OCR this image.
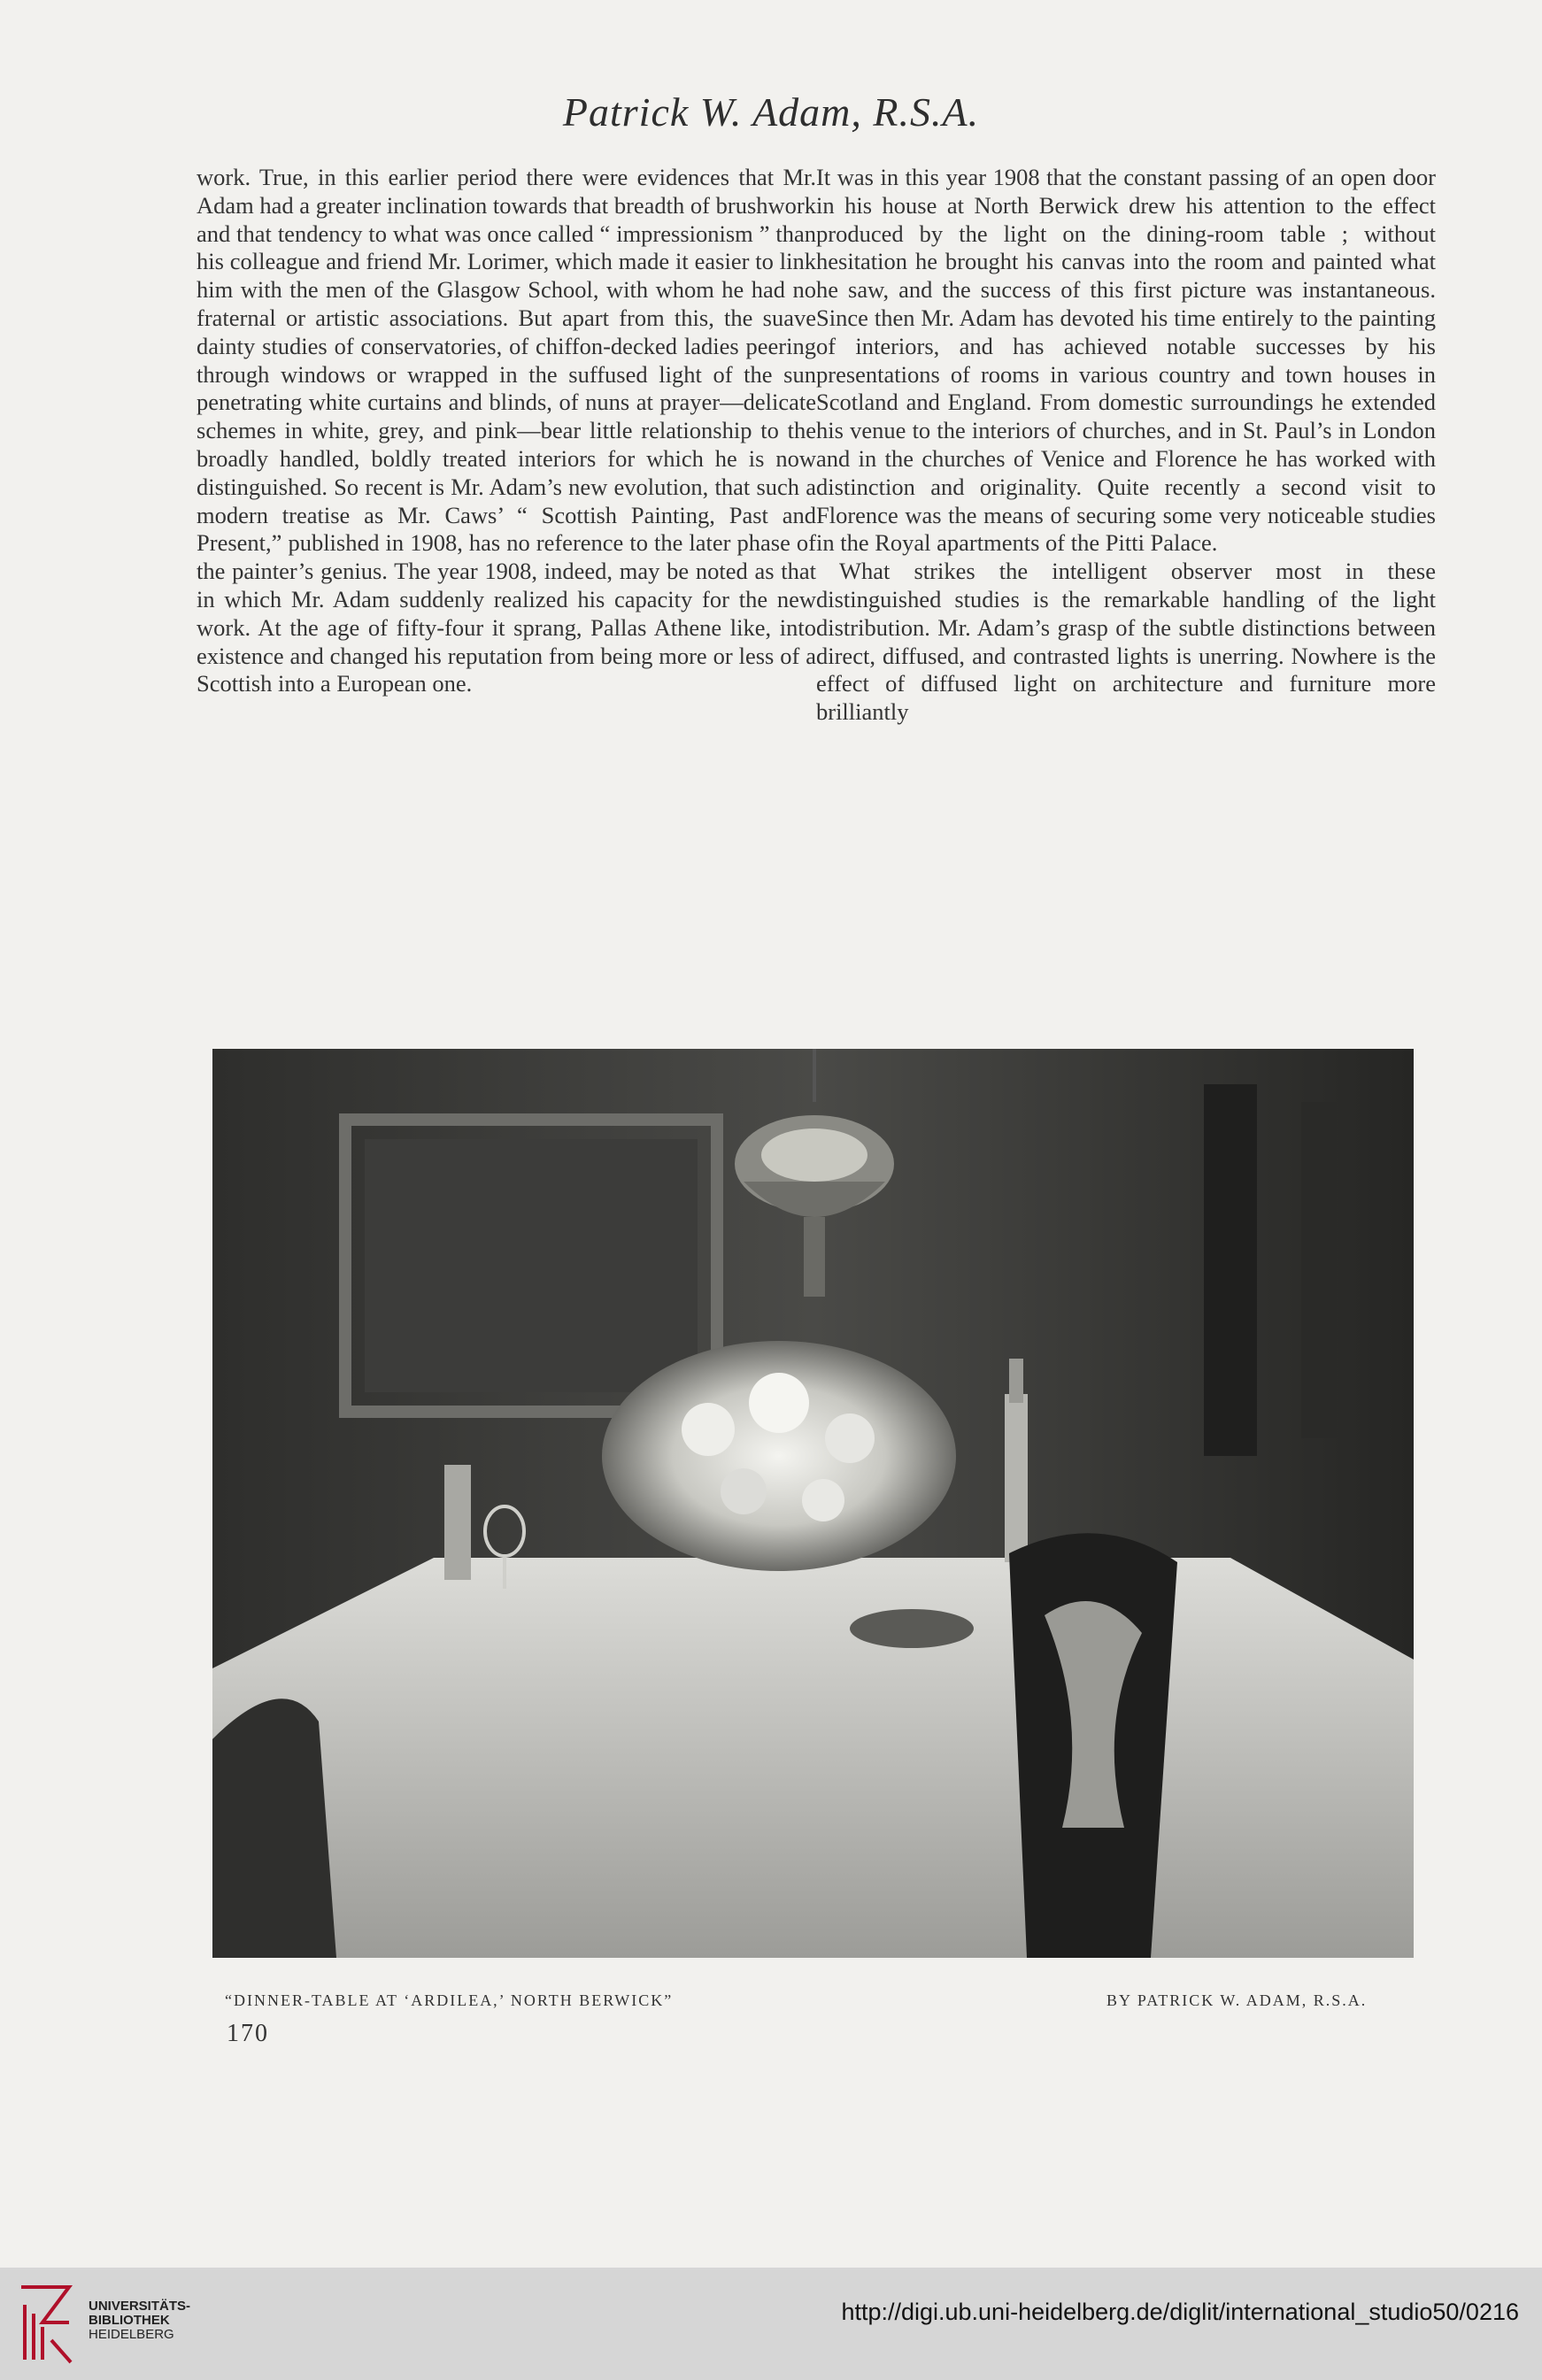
Patrick W. Adam, R.S.A.

work. True, in this earlier period there were evidences that Mr. Adam had a greater inclination towards that breadth of brushwork and that tendency to what was once called “ impressionism ” than his colleague and friend Mr. Lorimer, which made it easier to link him with the men of the Glasgow School, with whom he had no fraternal or artistic associations. But apart from this, the suave dainty studies of conservatories, of chiffon-decked ladies peering through windows or wrapped in the suffused light of the sun penetrating white curtains and blinds, of nuns at prayer—delicate schemes in white, grey, and pink—bear little relationship to the broadly handled, boldly treated interiors for which he is now distinguished. So recent is Mr. Adam’s new evolution, that such a modern treatise as Mr. Caws’ “ Scottish Painting, Past and Present,” published in 1908, has no reference to the later phase of the painter’s genius. The year 1908, indeed, may be noted as that in which Mr. Adam suddenly realized his capacity for the new work. At the age of fifty-four it sprang, Pallas Athene like, into existence and changed his reputation from being more or less of a Scottish into a European one.

It was in this year 1908 that the constant passing of an open door in his house at North Berwick drew his attention to the effect produced by the light on the dining-room table ; without hesitation he brought his canvas into the room and painted what he saw, and the success of this first picture was instantaneous. Since then Mr. Adam has devoted his time entirely to the painting of interiors, and has achieved notable successes by his presentations of rooms in various country and town houses in Scotland and England. From domestic surroundings he extended his venue to the interiors of churches, and in St. Paul’s in London and in the churches of Venice and Florence he has worked with distinction and originality. Quite recently a second visit to Florence was the means of securing some very noticeable studies in the Royal apartments of the Pitti Palace.

What strikes the intelligent observer most in these distinguished studies is the remarkable handling of the light distribution. Mr. Adam’s grasp of the subtle distinctions between direct, diffused, and contrasted lights is unerring. Nowhere is the effect of diffused light on architecture and furniture more brilliantly

“DINNER-TABLE AT ‘ARDILEA,’ NORTH BERWICK”	BY PATRICK W. ADAM, R.S.A.
170
UNIVERSITÄTS-
BIBLIOTHEK
HEIDELBERG
http://digi.ub.uni-heidelberg.de/diglit/international_studio50/0216
